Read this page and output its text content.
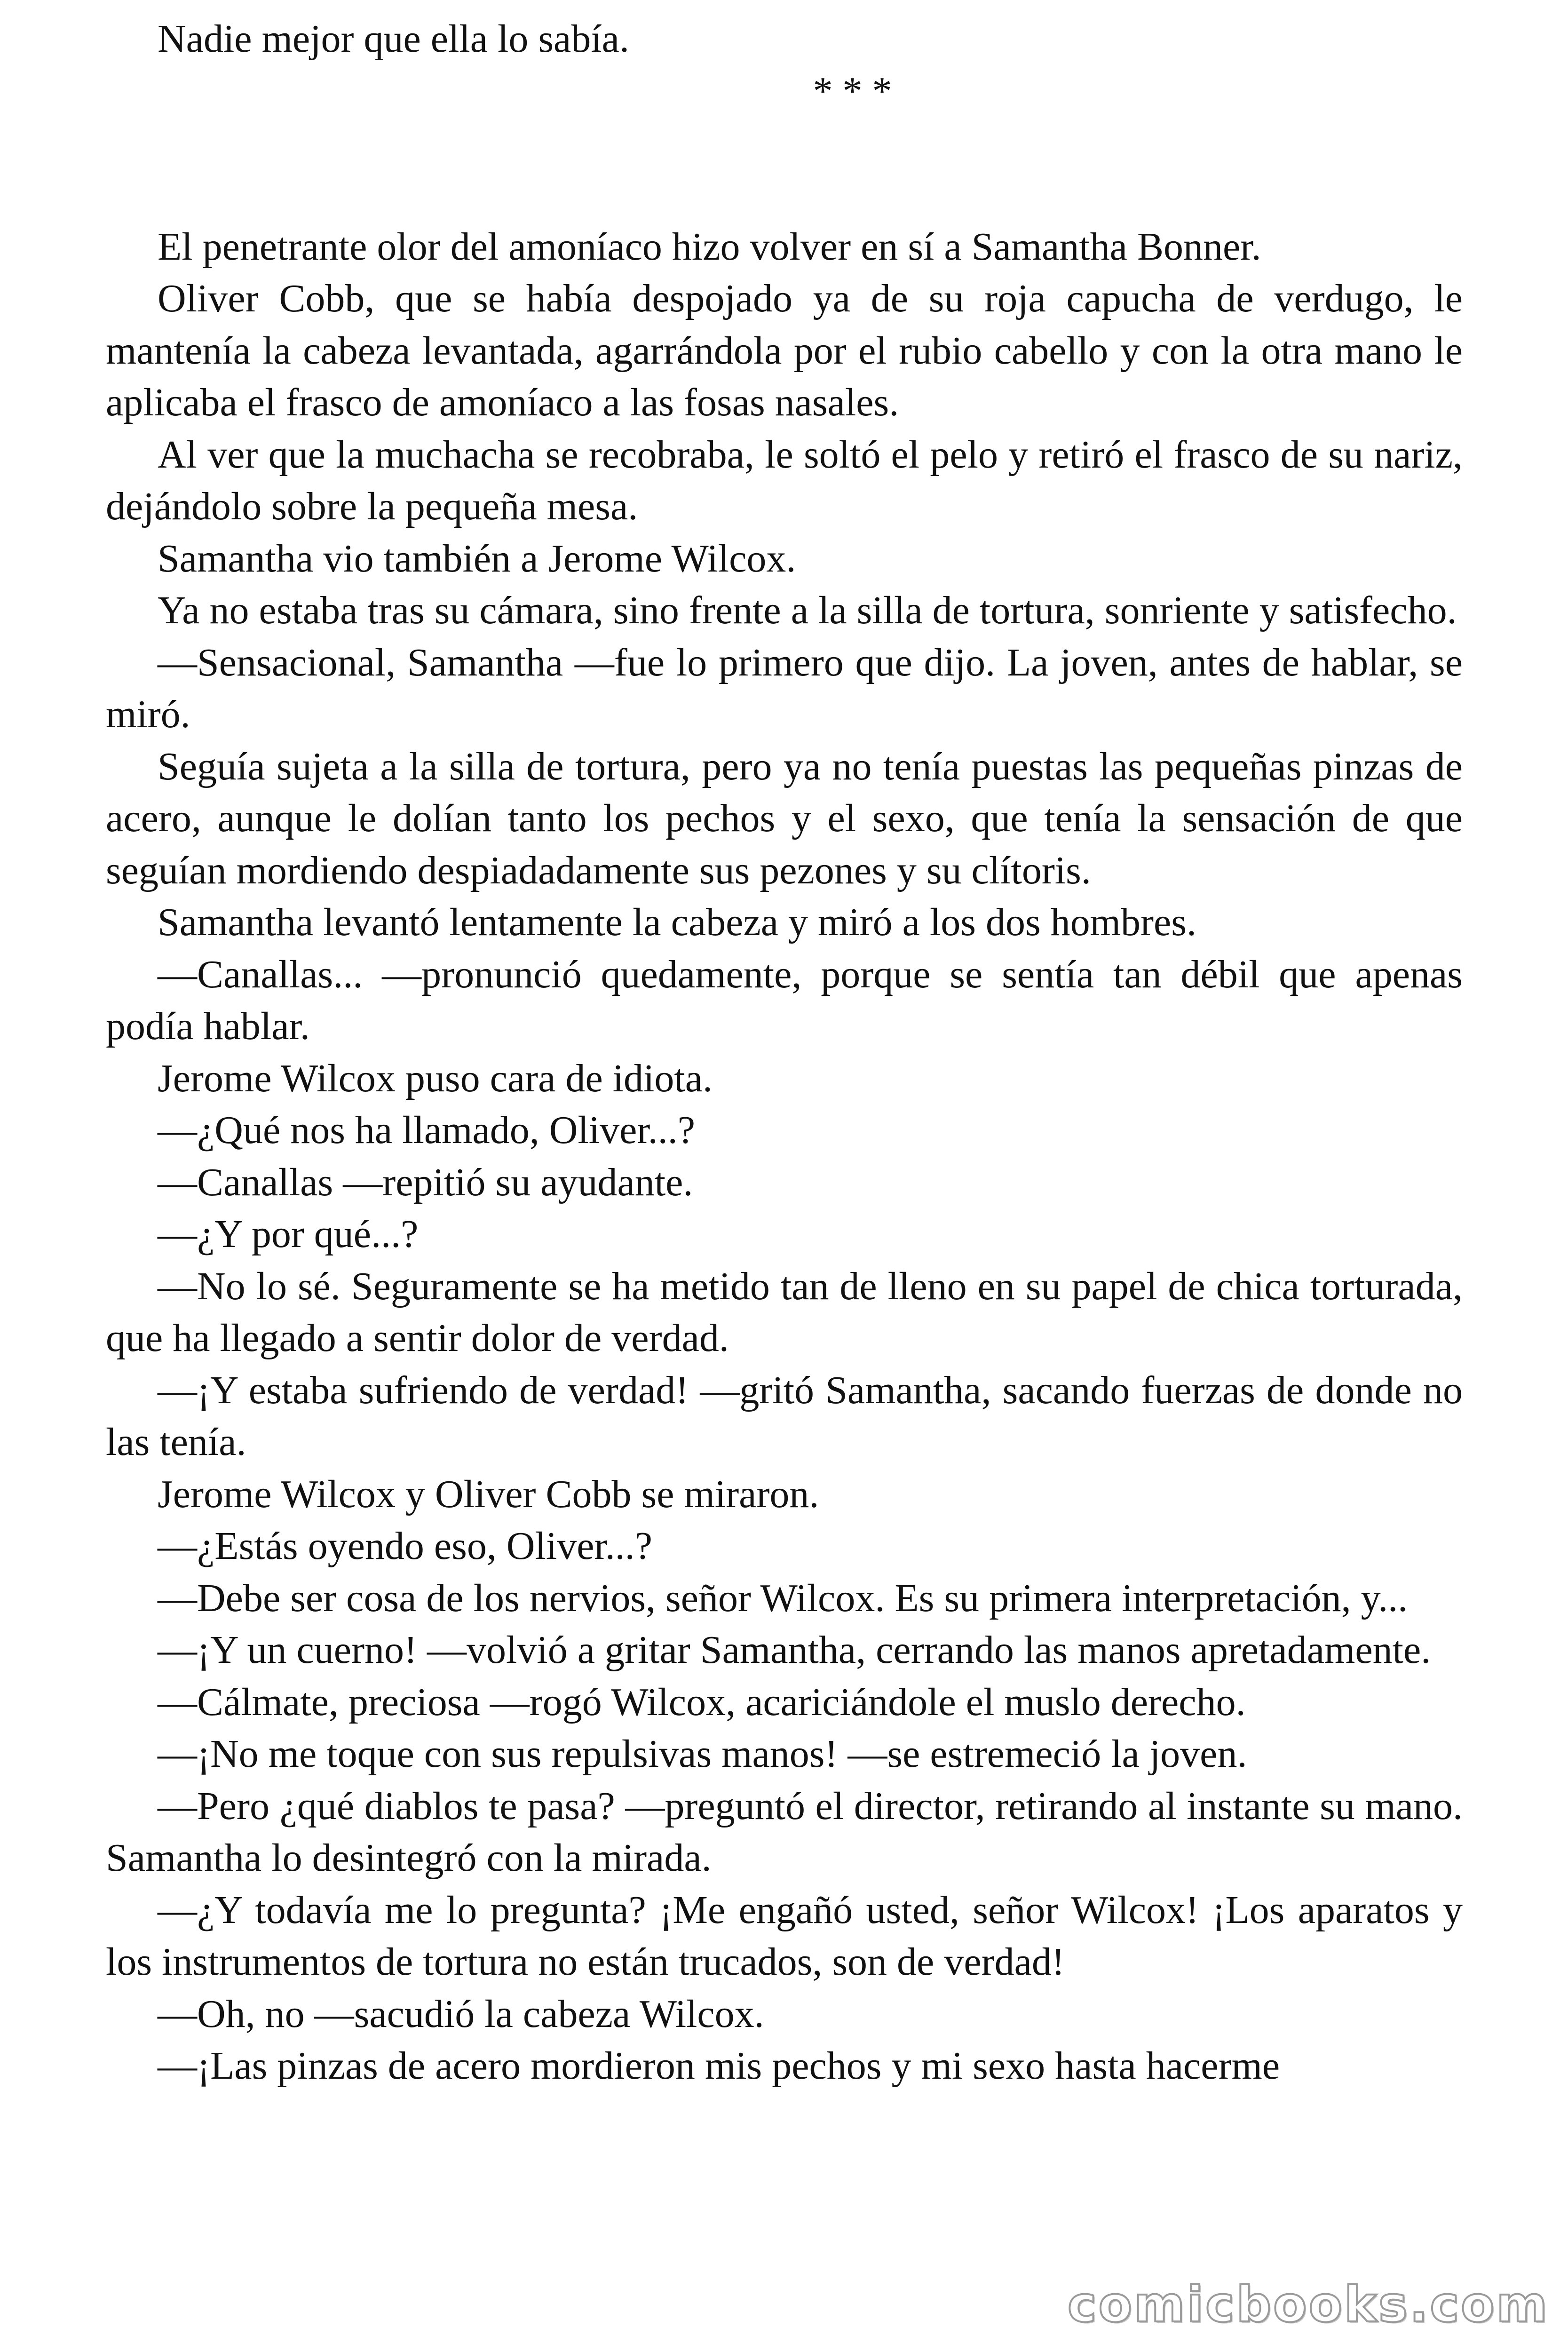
Nadie mejor que ella lo sabía.

* * *

El penetrante olor del amoníaco hizo volver en sí a Samantha Bonner.

Oliver Cobb, que se había despojado ya de su roja capucha de verdugo, le mantenía la cabeza levantada, agarrándola por el rubio cabello y con la otra mano le aplicaba el frasco de amoníaco a las fosas nasales.

Al ver que la muchacha se recobraba, le soltó el pelo y retiró el frasco de su nariz, dejándolo sobre la pequeña mesa.

Samantha vio también a Jerome Wilcox.

Ya no estaba tras su cámara, sino frente a la silla de tortura, sonriente y satisfecho.

—Sensacional, Samantha —fue lo primero que dijo. La joven, antes de hablar, se miró.

Seguía sujeta a la silla de tortura, pero ya no tenía puestas las pequeñas pinzas de acero, aunque le dolían tanto los pechos y el sexo, que tenía la sensación de que seguían mordiendo despiadadamente sus pezones y su clítoris.

Samantha levantó lentamente la cabeza y miró a los dos hombres.

—Canallas... —pronunció quedamente, porque se sentía tan débil que apenas podía hablar.

Jerome Wilcox puso cara de idiota.

—¿Qué nos ha llamado, Oliver...?

—Canallas —repitió su ayudante.

—¿Y por qué...?

—No lo sé. Seguramente se ha metido tan de lleno en su papel de chica torturada, que ha llegado a sentir dolor de verdad.

—¡Y estaba sufriendo de verdad! —gritó Samantha, sacando fuerzas de donde no las tenía.

Jerome Wilcox y Oliver Cobb se miraron.

—¿Estás oyendo eso, Oliver...?

—Debe ser cosa de los nervios, señor Wilcox. Es su primera interpretación, y...

—¡Y un cuerno! —volvió a gritar Samantha, cerrando las manos apretadamente.

—Cálmate, preciosa —rogó Wilcox, acariciándole el muslo derecho.

—¡No me toque con sus repulsivas manos! —se estremeció la joven.

—Pero ¿qué diablos te pasa? —preguntó el director, retirando al instante su mano. Samantha lo desintegró con la mirada.

—¿Y todavía me lo pregunta? ¡Me engañó usted, señor Wilcox! ¡Los aparatos y los instrumentos de tortura no están trucados, son de verdad!

—Oh, no —sacudió la cabeza Wilcox.

—¡Las pinzas de acero mordieron mis pechos y mi sexo hasta hacerme

comicbooks.com
